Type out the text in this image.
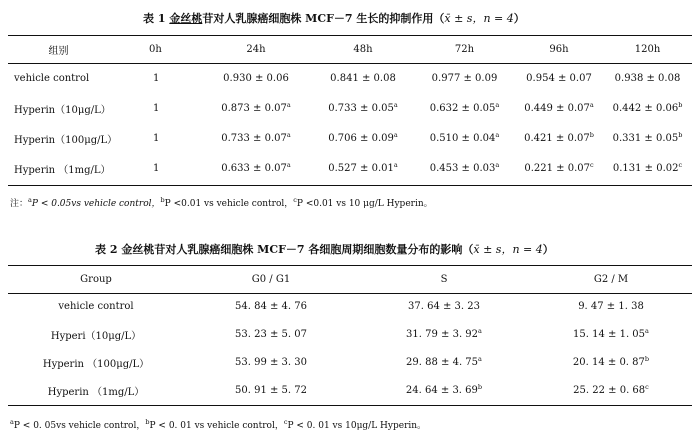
表 1 金丝桃苷对人乳腺癌细胞株 MCF－7 生长的抑制作用（x̄ ± s，n = 4）
组别	0h	24h	48h	72h	96h	120h
vehicle control	1	0.930 ± 0.06	0.841 ± 0.08	0.977 ± 0.09	0.954 ± 0.07	0.938 ± 0.08
Hyperin（10μg/L）	1	0.873 ± 0.07$^a$	0.733 ± 0.05$^a$	0.632 ± 0.05$^a$	0.449 ± 0.07$^a$	0.442 ± 0.06$^b$
Hyperin（100μg/L）	1	0.733 ± 0.07$^a$	0.706 ± 0.09$^a$	0.510 ± 0.04$^a$	0.421 ± 0.07$^b$	0.331 ± 0.05$^b$
Hyperin （1mg/L）	1	0.633 ± 0.07$^a$	0.527 ± 0.01$^a$	0.453 ± 0.03$^a$	0.221 ± 0.07$^c$	0.131 ± 0.02$^c$
注：$^a$P < 0.05vs vehicle control，$^b$P <0.01 vs vehicle control，$^c$P <0.01 vs 10 μg/L Hyperin。
表 2 金丝桃苷对人乳腺癌细胞株 MCF－7 各细胞周期细胞数量分布的影响（x̄ ± s，n = 4）
Group	G0 / G1	S	G2 / M
vehicle control	54. 84 ± 4. 76	37. 64 ± 3. 23	9. 47 ± 1. 38
Hyperi（10μg/L）	53. 23 ± 5. 07	31. 79 ± 3. 92$^a$	15. 14 ± 1. 05$^a$
Hyperin （100μg/L）	53. 99 ± 3. 30	29. 88 ± 4. 75$^a$	20. 14 ± 0. 87$^b$
Hyperin （1mg/L）	50. 91 ± 5. 72	24. 64 ± 3. 69$^b$	25. 22 ± 0. 68$^c$
$^a$P < 0. 05vs vehicle control，$^b$P < 0. 01 vs vehicle control，$^c$P < 0. 01 vs 10μg/L Hyperin。
